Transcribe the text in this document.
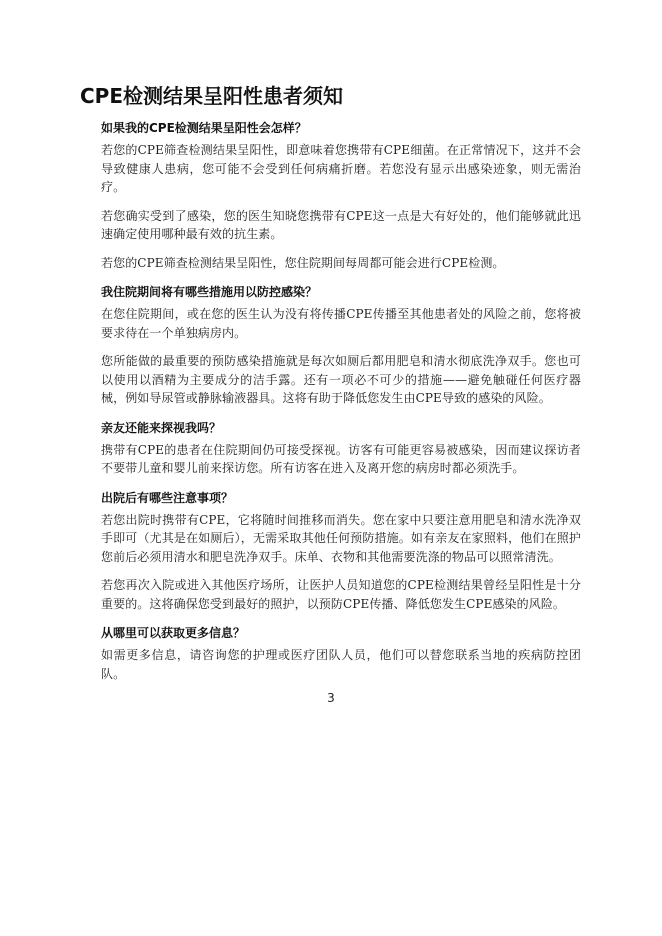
CPE检测结果呈阳性患者须知
如果我的CPE检测结果呈阳性会怎样？

若您的CPE筛查检测结果呈阳性，即意味着您携带有CPE细菌。在正常情况下，这并不会导致健康人患病，您可能不会受到任何病痛折磨。若您没有显示出感染迹象，则无需治疗。

若您确实受到了感染，您的医生知晓您携带有CPE这一点是大有好处的，他们能够就此迅速确定使用哪种最有效的抗生素。

若您的CPE筛查检测结果呈阳性，您住院期间每周都可能会进行CPE检测。

我住院期间将有哪些措施用以防控感染？

在您住院期间，或在您的医生认为没有将传播CPE传播至其他患者处的风险之前，您将被要求待在一个单独病房内。

您所能做的最重要的预防感染措施就是每次如厕后都用肥皂和清水彻底洗净双手。您也可以使用以酒精为主要成分的洁手露。还有一项必不可少的措施——避免触碰任何医疗器械，例如导尿管或静脉输液器具。这将有助于降低您发生由CPE导致的感染的风险。

亲友还能来探视我吗？

携带有CPE的患者在住院期间仍可接受探视。访客有可能更容易被感染，因而建议探访者不要带儿童和婴儿前来探访您。所有访客在进入及离开您的病房时都必须洗手。

出院后有哪些注意事项？

若您出院时携带有CPE，它将随时间推移而消失。您在家中只要注意用肥皂和清水洗净双手即可（尤其是在如厕后），无需采取其他任何预防措施。如有亲友在家照料，他们在照护您前后必须用清水和肥皂洗净双手。床单、衣物和其他需要洗涤的物品可以照常清洗。

若您再次入院或进入其他医疗场所，让医护人员知道您的CPE检测结果曾经呈阳性是十分重要的。这将确保您受到最好的照护，以预防CPE传播、降低您发生CPE感染的风险。

从哪里可以获取更多信息？

如需更多信息，请咨询您的护理或医疗团队人员，他们可以替您联系当地的疾病防控团队。

3
